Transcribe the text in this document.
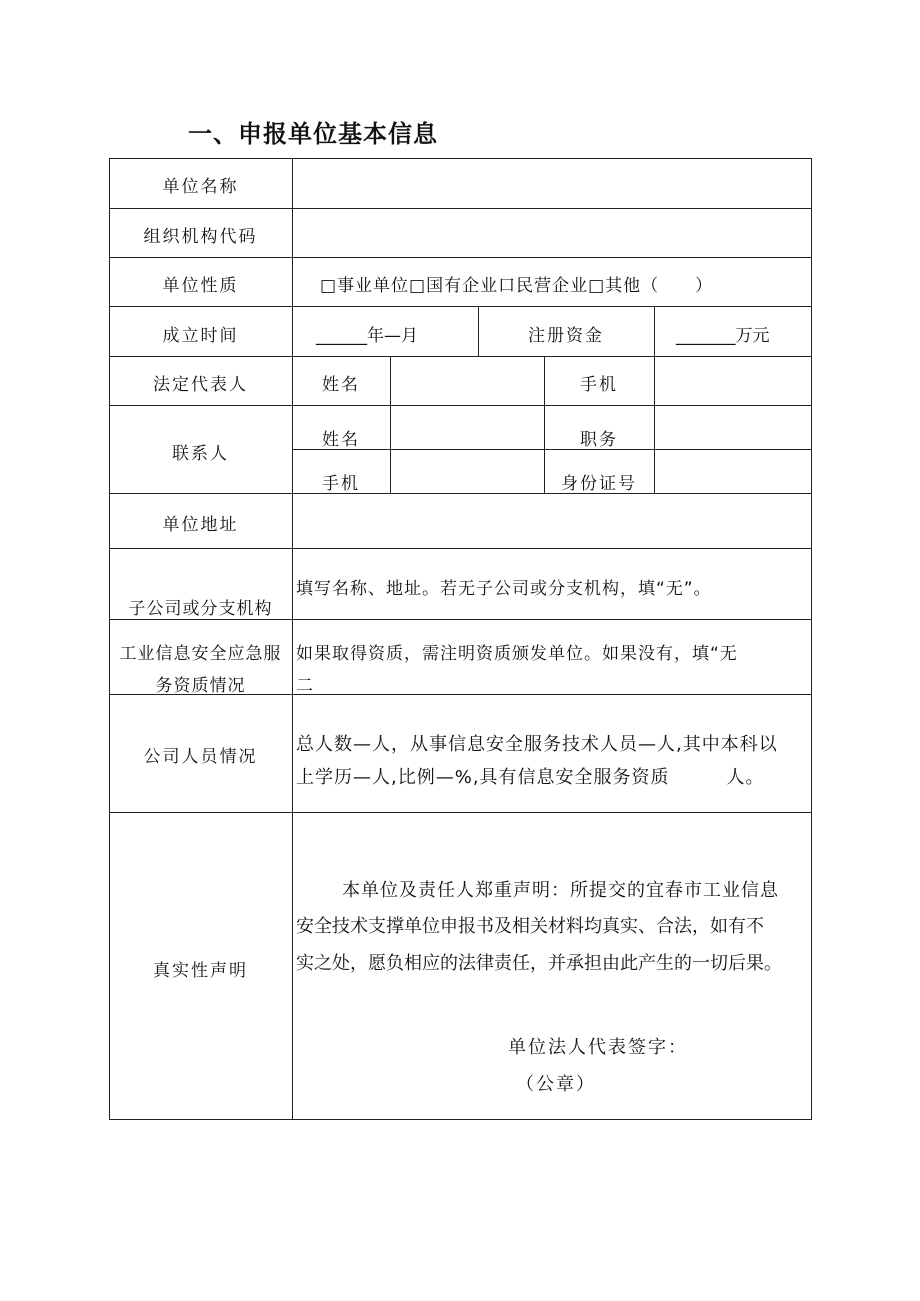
一、申报单位基本信息
单位名称
组织机构代码
单位性质	□事业单位□国有企业口民营企业□其他（　　）
成立时间	______年—月	注册资金	_______万元
法定代表人	姓名	手机
联系人
姓名	职务
手机	身份证号
单位地址
子公司或分支机构
填写名称、地址。若无子公司或分支机构，填“无”。
工业信息安全应急服
务资质情况
如果取得资质，需注明资质颁发单位。如果没有，填“无
二
公司人员情况
总人数—人，从事信息安全服务技术人员—人,其中本科以
上学历—人,比例—%,具有信息安全服务资质　　　人。
真实性声明
本单位及责任人郑重声明：所提交的宜春市工业信息
安全技术支撑单位申报书及相关材料均真实、合法，如有不
实之处，愿负相应的法律责任，并承担由此产生的一切后果。
单位法人代表签字：
（公章）
